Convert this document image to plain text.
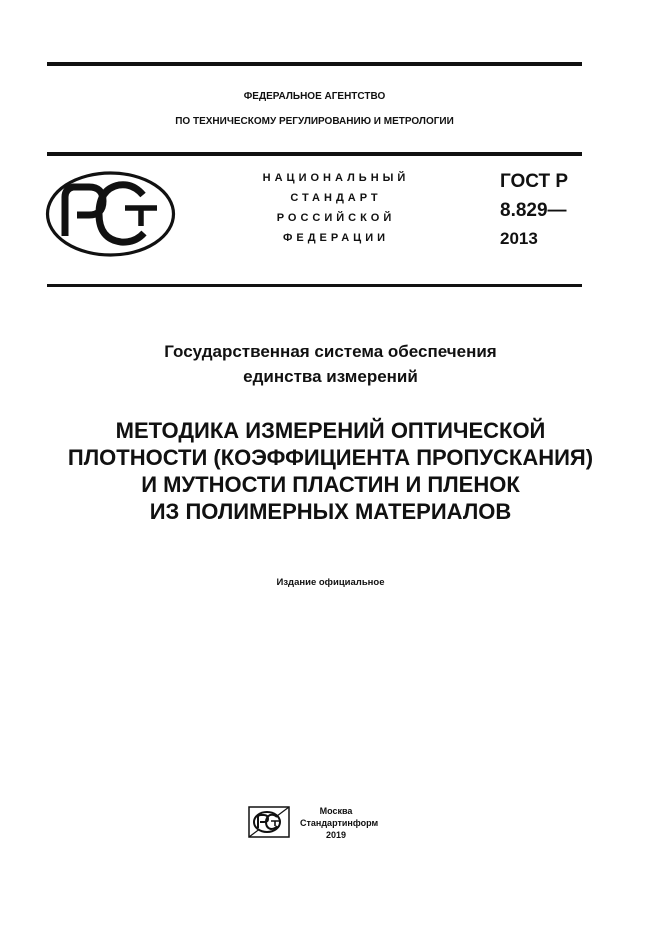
ФЕДЕРАЛЬНОЕ АГЕНТСТВО
ПО ТЕХНИЧЕСКОМУ РЕГУЛИРОВАНИЮ И МЕТРОЛОГИИ
НАЦИОНАЛЬНЫЙ
СТАНДАРТ
РОССИЙСКОЙ
ФЕДЕРАЦИИ
ГОСТ Р
8.829—
2013
Государственная система обеспечения
единства измерений
МЕТОДИКА ИЗМЕРЕНИЙ ОПТИЧЕСКОЙ
ПЛОТНОСТИ (КОЭФФИЦИЕНТА ПРОПУСКАНИЯ)
И МУТНОСТИ ПЛАСТИН И ПЛЕНОК
ИЗ ПОЛИМЕРНЫХ МАТЕРИАЛОВ
Издание официальное
Москва
Стандартинформ
2019
